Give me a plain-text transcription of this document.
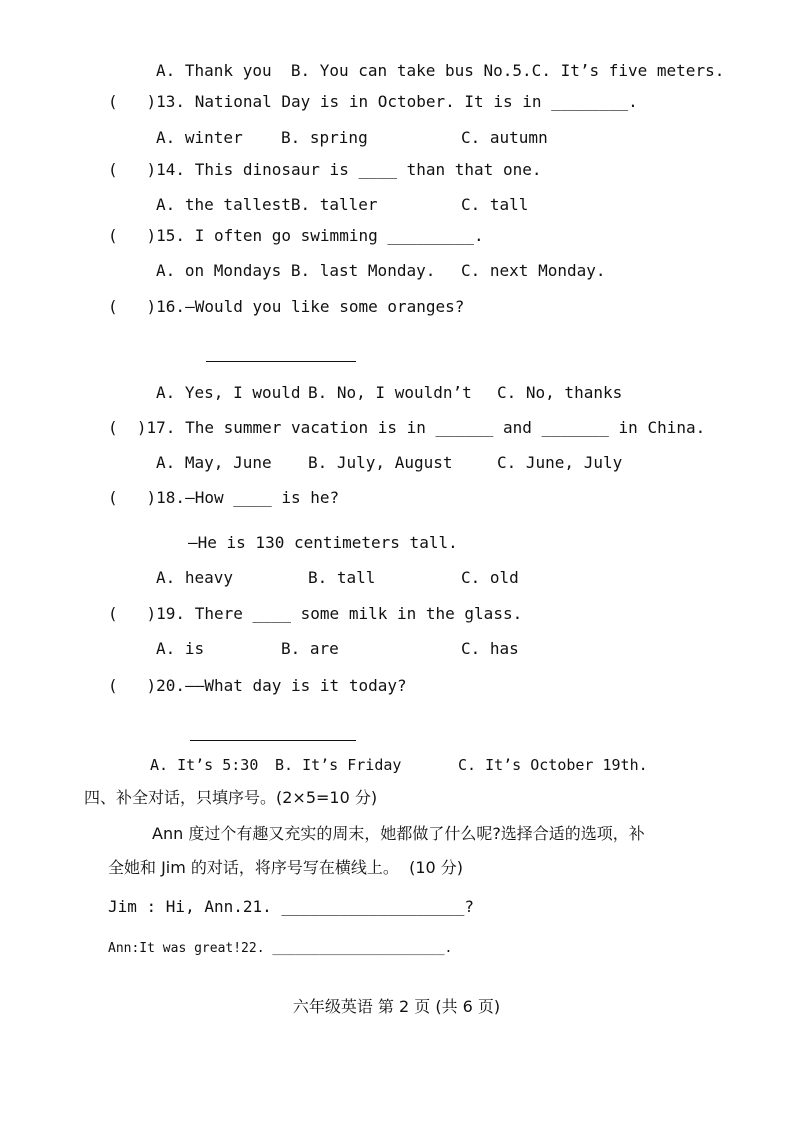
A. Thank you  B. You can take bus No.5.C. It’s five meters.
(   )13. National Day is in October. It is in ________.
A. winter B. spring	C. autumn
(   )14. This dinosaur is ____ than that one.
A. the tallestB. taller	C. tall
(   )15. I often go swimming _________.
A. on Mondays B. last Monday. C. next Monday.
(   )16.—Would you like some oranges?
A. Yes, I would B. No, I wouldn’t C. No, thanks
(  )17. The summer vacation is in ______ and _______ in China.
A. May, June B. July, August	C. June, July
(   )18.—How ____ is he?
—He is 130 centimeters tall.
A. heavy	B. tall	C. old
(   )19. There ____ some milk in the glass.
A. is	B. are	C. has
(   )20.——What day is it today?
A. It’s 5:30 B. It’s Friday	C. It’s October 19th.
四、补全对话，只填序号。(2×5=10 分)
Ann 度过个有趣又充实的周末，她都做了什么呢?选择合适的选项，补
全她和 Jim 的对话，将序号写在横线上。  (10 分)
Jim : Hi, Ann.21. ___________________?
Ann:It was great!22. ______________________.
六年级英语 第 2 页 (共 6 页)
